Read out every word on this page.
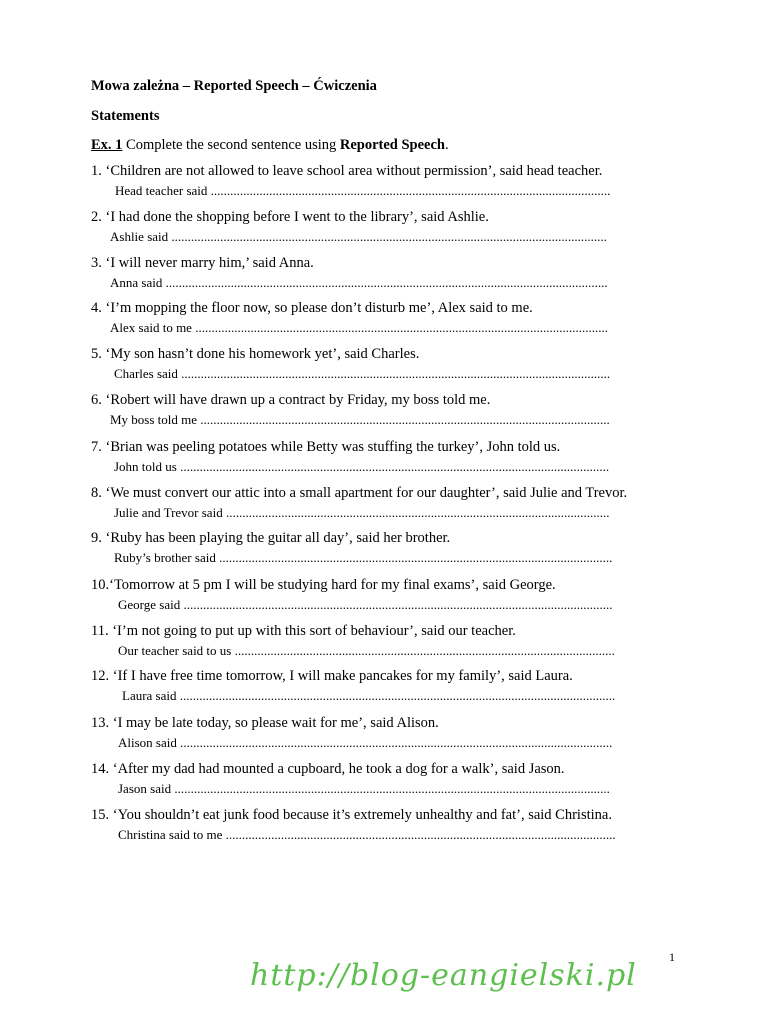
Mowa zależna – Reported Speech – Ćwiczenia
Statements

Ex. 1 Complete the second sentence using Reported Speech.

1. ‘Children are not allowed to leave school area without permission’, said head teacher.
Head teacher said ...........................................................................................................................
2. ‘I had done the shopping before I went to the library’, said Ashlie.
Ashlie said ......................................................................................................................................
3. ‘I will never marry him,’ said Anna.
Anna said ........................................................................................................................................
4. ‘I’m mopping the floor now, so please don’t disturb me’, Alex said to me.
Alex said to me ...............................................................................................................................
5. ‘My son hasn’t done his homework yet’, said Charles.
Charles said ....................................................................................................................................
6. ‘Robert will have drawn up a contract by Friday, my boss told me.
My boss told me ..............................................................................................................................
7. ‘Brian was peeling potatoes while Betty was stuffing the turkey’, John told us.
John told us ....................................................................................................................................
8. ‘We must convert our attic into a small apartment for our daughter’, said Julie and Trevor.
Julie and Trevor said ......................................................................................................................
9. ‘Ruby has been playing the guitar all day’, said her brother.
Ruby’s brother said .........................................................................................................................
10.‘Tomorrow at 5 pm I will be studying hard for my final exams’, said George.
George said ....................................................................................................................................
11. ‘I’m not going to put up with this sort of behaviour’, said our teacher.
Our teacher said to us .....................................................................................................................
12. ‘If I have free time tomorrow, I will make pancakes for my family’, said Laura.
Laura said ......................................................................................................................................
13. ‘I may be late today, so please wait for me’, said Alison.
Alison said .....................................................................................................................................
14. ‘After my dad had mounted a cupboard, he took a dog for a walk’, said Jason.
Jason said ......................................................................................................................................
15. ‘You shouldn’t eat junk food because it’s extremely unhealthy and fat’, said Christina.
Christina said to me ........................................................................................................................
1
http://blog-eangielski.pl
